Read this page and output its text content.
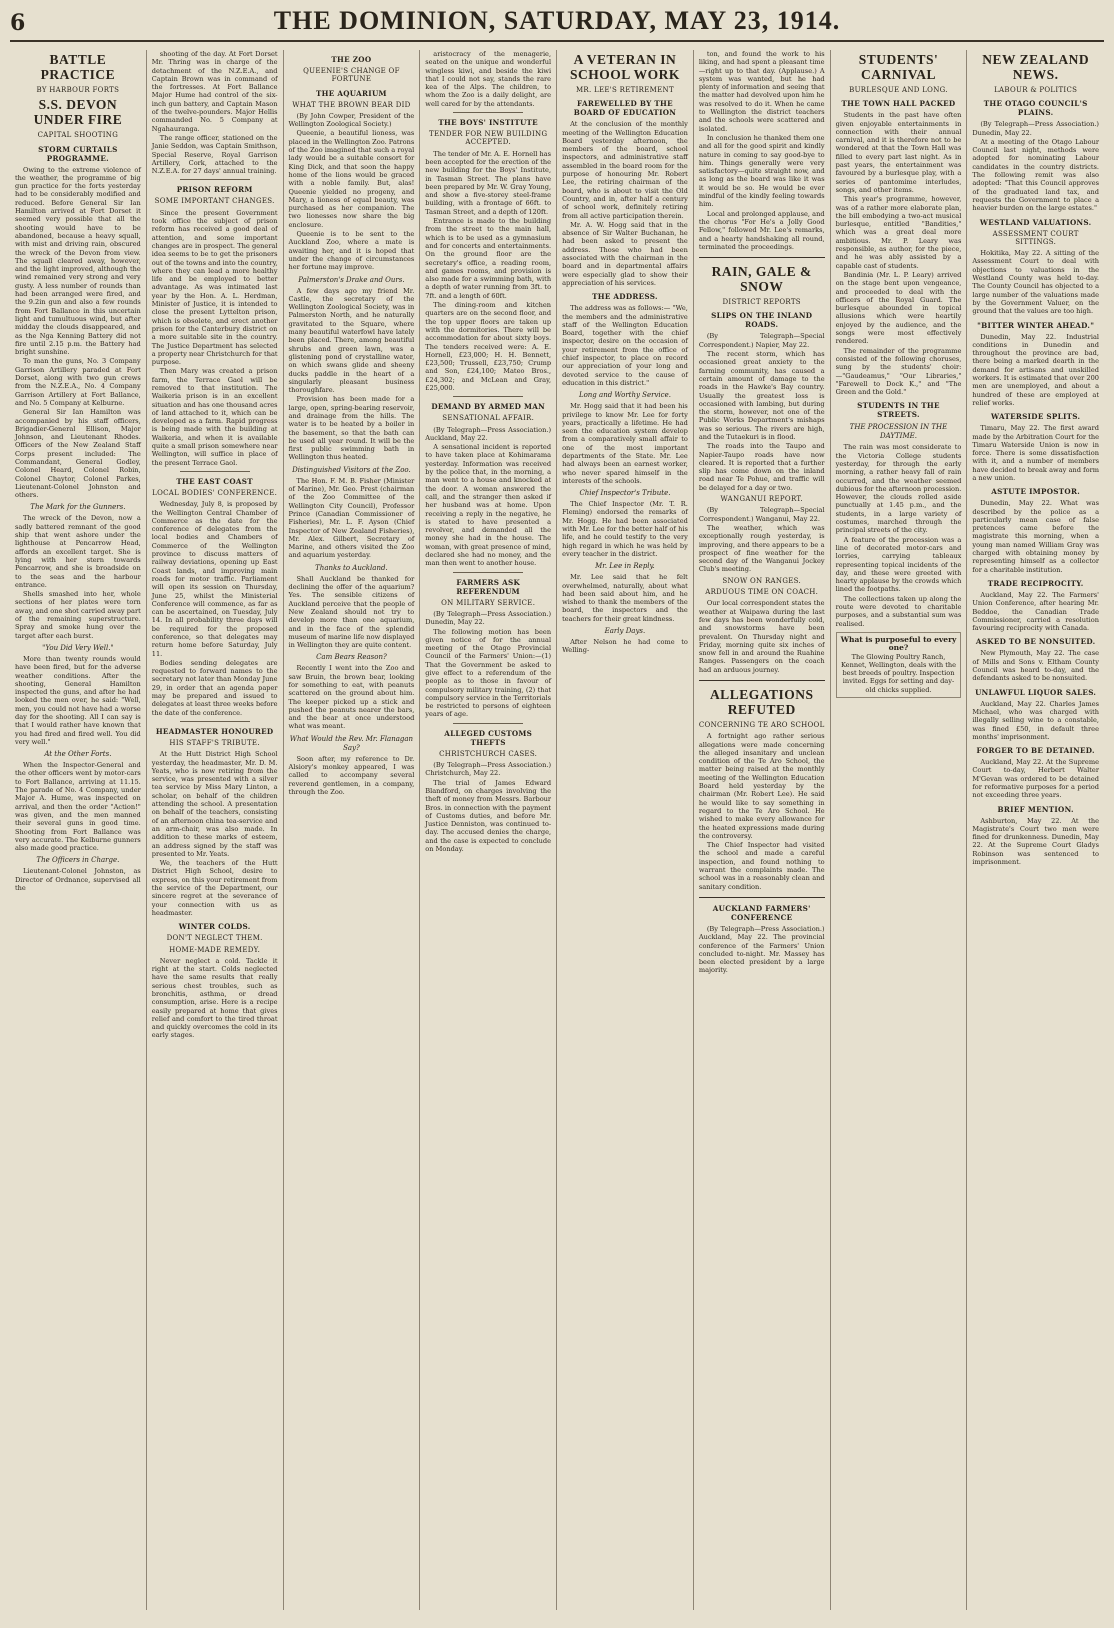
6	THE DOMINION, SATURDAY, MAY 23, 1914.
BATTLE PRACTICE
BY HARBOUR FORTS
S.S. DEVON UNDER FIRE
CAPITAL SHOOTING
STORM CURTAILS PROGRAMME.

Owing to the extreme violence of the weather, the programme of big gun practice for the forts yesterday had to be considerably modified and reduced. Before General Sir Ian Hamilton arrived at Fort Dorset it seemed very possible that all the shooting would have to be abandoned, because a heavy squall, with mist and driving rain, obscured the wreck of the Devon from view. The squall cleared away, however, and the light improved, although the wind remained very strong and very gusty. A less number of rounds than had been arranged were fired, and the 9.2in gun and also a few rounds from Fort Ballance in this uncertain light and tumultuous wind, but after midday the clouds disappeared, and as the Nga Kenning Battery did not fire until 2.15 p.m. the Battery had bright sunshine.

To man the guns, No. 3 Company Garrison Artillery paraded at Fort Dorset, along with two gun crews from the N.Z.E.A., No. 4 Company Garrison Artillery at Fort Ballance, and No. 5 Company at Kelburne.

General Sir Ian Hamilton was accompanied by his staff officers, Brigadier-General Ellison, Major Johnson, and Lieutenant Rhodes. Officers of the New Zealand Staff Corps present included: The Commandant, General Godley, Colonel Heard, Colonel Robin, Colonel Chaytor, Colonel Parkes, Lieutenant-Colonel Johnston and others.

The Mark for the Gunners.

The wreck of the Devon, now a sadly battered remnant of the good ship that went ashore under the lighthouse at Pencarrow Head, affords an excellent target. She is lying with her stern towards Pencarrow, and she is broadside on to the seas and the harbour entrance.

Shells smashed into her, whole sections of her plates were torn away, and one shot carried away part of the remaining superstructure. Spray and smoke hung over the target after each burst.

"You Did Very Well."

More than twenty rounds would have been fired, but for the adverse weather conditions. After the shooting, General Hamilton inspected the guns, and after he had looked the men over, he said: "Well, men, you could not have had a worse day for the shooting. All I can say is that I would rather have known that you had fired and fired well. You did very well."

At the Other Forts.

When the Inspector-General and the other officers went by motor-cars to Fort Ballance, arriving at 11.15. The parade of No. 4 Company, under Major A. Hume, was inspected on arrival, and then the order "Action!" was given, and the men manned their several guns in good time. Shooting from Fort Ballance was very accurate. The Kelburne gunners also made good practice.

The Officers in Charge.

Lieutenant-Colonel Johnston, as Director of Ordnance, supervised all the

shooting of the day. At Fort Dorset Mr. Thring was in charge of the detachment of the N.Z.E.A., and Captain Brown was in command of the fortresses. At Fort Ballance Major Hume had control of the six-inch gun battery, and Captain Mason of the twelve-pounders. Major Hellis commanded No. 5 Company at Ngahauranga.

The range officer, stationed on the Janie Seddon, was Captain Smithson, Special Reserve, Royal Garrison Artillery, Cork, attached to the N.Z.E.A. for 27 days' annual training.

PRISON REFORM
SOME IMPORTANT CHANGES.

Since the present Government took office the subject of prison reform has received a good deal of attention, and some important changes are in prospect. The general idea seems to be to get the prisoners out of the towns and into the country, where they can lead a more healthy life and be employed to better advantage. As was intimated last year by the Hon. A. L. Herdman, Minister of Justice, it is intended to close the present Lyttelton prison, which is obsolete, and erect another prison for the Canterbury district on a more suitable site in the country. The Justice Department has selected a property near Christchurch for that purpose.

Then Mary was created a prison farm, the Terrace Gaol will be removed to that institution. The Waikeria prison is in an excellent situation and has one thousand acres of land attached to it, which can be developed as a farm. Rapid progress is being made with the building at Waikeria, and when it is available quite a small prison somewhere near Wellington, will suffice in place of the present Terrace Gaol.

THE EAST COAST
LOCAL BODIES' CONFERENCE.

Wednesday, July 8, is proposed by the Wellington Central Chamber of Commerce as the date for the conference of delegates from the local bodies and Chambers of Commerce of the Wellington province to discuss matters of railway deviations, opening up East Coast lands, and improving main roads for motor traffic. Parliament will open its session on Thursday, June 25, whilst the Ministerial Conference will commence, as far as can be ascertained, on Tuesday, July 14. In all probability three days will be required for the proposed conference, so that delegates may return home before Saturday, July 11.

Bodies sending delegates are requested to forward names to the secretary not later than Monday June 29, in order that an agenda paper may be prepared and issued to delegates at least three weeks before the date of the conference.

HEADMASTER HONOURED
HIS STAFF'S TRIBUTE.

At the Hutt District High School yesterday, the headmaster, Mr. D. M. Yeats, who is now retiring from the service, was presented with a silver tea service by Miss Mary Linton, a scholar, on behalf of the children attending the school. A presentation on behalf of the teachers, consisting of an afternoon china tea-service and an arm-chair, was also made. In addition to these marks of esteem, an address signed by the staff was presented to Mr. Yeats.

We, the teachers of the Hutt District High School, desire to express, on this your retirement from the service of the Department, our sincere regret at the severance of your connection with us as headmaster.

WINTER COLDS.
DON'T NEGLECT THEM.
HOME-MADE REMEDY.

Never neglect a cold. Tackle it right at the start. Colds neglected have the same results that really serious chest troubles, such as bronchitis, asthma, or dread consumption, arise. Here is a recipe easily prepared at home that gives relief and comfort to the tired throat and quickly overcomes the cold in its early stages.

THE ZOO
QUEENIE'S CHANGE OF FORTUNE
THE AQUARIUM
WHAT THE BROWN BEAR DID

(By John Cowper, President of the Wellington Zoological Society.)

Queenie, a beautiful lioness, was placed in the Wellington Zoo. Patrons of the Zoo imagined that such a royal lady would be a suitable consort for King Dick, and that soon the happy home of the lions would be graced with a noble family. But, alas! Queenie yielded no progeny, and Mary, a lioness of equal beauty, was purchased as her companion. The two lionesses now share the big enclosure.

Queenie is to be sent to the Auckland Zoo, where a mate is awaiting her, and it is hoped that under the change of circumstances her fortune may improve.

Palmerston's Drake and Ours.

A few days ago my friend Mr. Castle, the secretary of the Wellington Zoological Society, was in Palmerston North, and he naturally gravitated to the Square, where many beautiful waterfowl have lately been placed. There, among beautiful shrubs and green lawn, was a glistening pond of crystalline water, on which swans glide and sheeny ducks paddle in the heart of a singularly pleasant business thoroughfare.

Provision has been made for a large, open, spring-bearing reservoir, and drainage from the hills. The water is to be heated by a boiler in the basement, so that the bath can be used all year round. It will be the first public swimming bath in Wellington thus heated.

Distinguished Visitors at the Zoo.

The Hon. F. M. B. Fisher (Minister of Marine), Mr. Geo. Prest (chairman of the Zoo Committee of the Wellington City Council), Professor Prince (Canadian Commissioner of Fisheries), Mr. L. F. Ayson (Chief Inspector of New Zealand Fisheries), Mr. Alex. Gilbert, Secretary of Marine, and others visited the Zoo and aquarium yesterday.

Thanks to Auckland.

Shall Auckland be thanked for declining the offer of the aquarium? Yes. The sensible citizens of Auckland perceive that the people of New Zealand should not try to develop more than one aquarium, and in the face of the splendid museum of marine life now displayed in Wellington they are quite content.

Cam Bears Reason?

Recently I went into the Zoo and saw Bruin, the brown bear, looking for something to eat, with peanuts scattered on the ground about him. The keeper picked up a stick and pushed the peanuts nearer the bars, and the bear at once understood what was meant.

What Would the Rev. Mr. Flanagan Say?

Soon after, my reference to Dr. Alsiory's monkey appeared, I was called to accompany several reverend gentlemen, in a company, through the Zoo.

aristocracy of the menagerie, seated on the unique and wonderful wingless kiwi, and beside the kiwi that I could not say, stands the rare kea of the Alps. The children, to whom the Zoo is a daily delight, are well cared for by the attendants.

THE BOYS' INSTITUTE
TENDER FOR NEW BUILDING ACCEPTED.

The tender of Mr. A. E. Hornell has been accepted for the erection of the new building for the Boys' Institute, in Tasman Street. The plans have been prepared by Mr. W. Gray Young, and show a five-storey steel-frame building, with a frontage of 66ft. to Tasman Street, and a depth of 120ft.

Entrance is made to the building from the street to the main hall, which is to be used as a gymnasium and for concerts and entertainments. On the ground floor are the secretary's office, a reading room, and games rooms, and provision is also made for a swimming bath, with a depth of water running from 3ft. to 7ft. and a length of 60ft.

The dining-room and kitchen quarters are on the second floor, and the top upper floors are taken up with the dormitories. There will be accommodation for about sixty boys. The tenders received were: A. E. Hornell, £23,000; H. H. Bennett, £23,500; Trussell, £23,750; Crump and Son, £24,100; Mateo Bros., £24,302; and McLean and Gray, £25,000.

DEMAND BY ARMED MAN
SENSATIONAL AFFAIR.

(By Telegraph—Press Association.) Auckland, May 22.

A sensational incident is reported to have taken place at Kohimarama yesterday. Information was received by the police that, in the morning, a man went to a house and knocked at the door. A woman answered the call, and the stranger then asked if her husband was at home. Upon receiving a reply in the negative, he is stated to have presented a revolver, and demanded all the money she had in the house. The woman, with great presence of mind, declared she had no money, and the man then went to another house.

FARMERS ASK REFERENDUM
ON MILITARY SERVICE.

(By Telegraph—Press Association.) Dunedin, May 22.

The following motion has been given notice of for the annual meeting of the Otago Provincial Council of the Farmers' Union:—(1) That the Government be asked to give effect to a referendum of the people as to those in favour of compulsory military training, (2) that compulsory service in the Territorials be restricted to persons of eighteen years of age.

ALLEGED CUSTOMS THEFTS
CHRISTCHURCH CASES.

(By Telegraph—Press Association.) Christchurch, May 22.

The trial of James Edward Blandford, on charges involving the theft of money from Messrs. Barbour Bros. in connection with the payment of Customs duties, and before Mr. Justice Denniston, was continued to-day. The accused denies the charge, and the case is expected to conclude on Monday.

A VETERAN IN SCHOOL WORK
MR. LEE'S RETIREMENT
FAREWELLED BY THE BOARD OF EDUCATION

At the conclusion of the monthly meeting of the Wellington Education Board yesterday afternoon, the members of the board, school inspectors, and administrative staff assembled in the board room for the purpose of honouring Mr. Robert Lee, the retiring chairman of the board, who is about to visit the Old Country, and in, after half a century of school work, definitely retiring from all active participation therein.

Mr. A. W. Hogg said that in the absence of Sir Walter Buchanan, he had been asked to present the address. Those who had been associated with the chairman in the board and in departmental affairs were especially glad to show their appreciation of his services.

THE ADDRESS.

The address was as follows:— "We, the members and the administrative staff of the Wellington Education Board, together with the chief inspector, desire on the occasion of your retirement from the office of chief inspector, to place on record our appreciation of your long and devoted service to the cause of education in this district."

Long and Worthy Service.

Mr. Hogg said that it had been his privilege to know Mr. Lee for forty years, practically a lifetime. He had seen the education system develop from a comparatively small affair to one of the most important departments of the State. Mr. Lee had always been an earnest worker, who never spared himself in the interests of the schools.

Chief Inspector's Tribute.

The Chief Inspector (Mr. T. R. Fleming) endorsed the remarks of Mr. Hogg. He had been associated with Mr. Lee for the better half of his life, and he could testify to the very high regard in which he was held by every teacher in the district.

Mr. Lee in Reply.

Mr. Lee said that he felt overwhelmed, naturally, about what had been said about him, and he wished to thank the members of the board, the inspectors and the teachers for their great kindness.

Early Days.

After Nelson he had come to Welling-

ton, and found the work to his liking, and had spent a pleasant time—right up to that day. (Applause.) A system was wanted, but he had plenty of information and seeing that the matter had devolved upon him he was resolved to do it. When he came to Wellington the district teachers and the schools were scattered and isolated.

In conclusion he thanked them one and all for the good spirit and kindly nature in coming to say good-bye to him. Things generally were very satisfactory—quite straight now, and as long as the board was like it was it would be so. He would be ever mindful of the kindly feeling towards him.

Local and prolonged applause, and the chorus "For He's a Jolly Good Fellow," followed Mr. Lee's remarks, and a hearty handshaking all round, terminated the proceedings.

RAIN, GALE & SNOW
DISTRICT REPORTS
SLIPS ON THE INLAND ROADS.

(By Telegraph—Special Correspondent.) Napier, May 22.

The recent storm, which has occasioned great anxiety to the farming community, has caused a certain amount of damage to the roads in the Hawke's Bay country. Usually the greatest loss is occasioned with lambing, but during the storm, however, not one of the Public Works Department's mishaps was so serious. The rivers are high, and the Tutaekuri is in flood.

The roads into the Taupo and Napier-Taupo roads have now cleared. It is reported that a further slip has come down on the inland road near Te Pohue, and traffic will be delayed for a day or two.

WANGANUI REPORT.

(By Telegraph—Special Correspondent.) Wanganui, May 22.

The weather, which was exceptionally rough yesterday, is improving, and there appears to be a prospect of fine weather for the second day of the Wanganui Jockey Club's meeting.

SNOW ON RANGES.
ARDUOUS TIME ON COACH.

Our local correspondent states the weather at Waipawa during the last few days has been wonderfully cold, and snowstorms have been prevalent. On Thursday night and Friday, morning quite six inches of snow fell in and around the Ruahine Ranges. Passengers on the coach had an arduous journey.

ALLEGATIONS REFUTED
CONCERNING TE ARO SCHOOL

A fortnight ago rather serious allegations were made concerning the alleged insanitary and unclean condition of the Te Aro School, the matter being raised at the monthly meeting of the Wellington Education Board held yesterday by the chairman (Mr. Robert Lee). He said he would like to say something in regard to the Te Aro School. He wished to make every allowance for the heated expressions made during the controversy.

The Chief Inspector had visited the school and made a careful inspection, and found nothing to warrant the complaints made. The school was in a reasonably clean and sanitary condition.

AUCKLAND FARMERS' CONFERENCE

(By Telegraph—Press Association.) Auckland, May 22. The provincial conference of the Farmers' Union concluded to-night. Mr. Massey has been elected president by a large majority.

STUDENTS' CARNIVAL
BURLESQUE AND LONG.
THE TOWN HALL PACKED

Students in the past have often given enjoyable entertainments in connection with their annual carnival, and it is therefore not to be wondered at that the Town Hall was filled to every part last night. As in past years, the entertainment was favoured by a burlesque play, with a series of pantomime interludes, songs, and other items.

This year's programme, however, was of a rather more elaborate plan, the bill embodying a two-act musical burlesque, entitled "Bandities," which was a great deal more ambitious. Mr. P. Leary was responsible, as author, for the piece, and he was ably assisted by a capable cast of students.

Bandinia (Mr. L. P. Leary) arrived on the stage bent upon vengeance, and proceeded to deal with the officers of the Royal Guard. The burlesque abounded in topical allusions which were heartily enjoyed by the audience, and the songs were most effectively rendered.

The remainder of the programme consisted of the following choruses, sung by the students' choir:—"Gaudeamus," "Our Libraries," "Farewell to Dock K.," and "The Green and the Gold."

STUDENTS IN THE STREETS.
THE PROCESSION IN THE DAYTIME.

The rain was most considerate to the Victoria College students yesterday, for through the early morning, a rather heavy fall of rain occurred, and the weather seemed dubious for the afternoon procession. However, the clouds rolled aside punctually at 1.45 p.m., and the students, in a large variety of costumes, marched through the principal streets of the city.

A feature of the procession was a line of decorated motor-cars and lorries, carrying tableaux representing topical incidents of the day, and these were greeted with hearty applause by the crowds which lined the footpaths.

The collections taken up along the route were devoted to charitable purposes, and a substantial sum was realised.

What is purposeful to every one?
The Glowing Poultry Ranch, Kennet, Wellington, deals with the best breeds of poultry. Inspection invited. Eggs for setting and day-old chicks supplied.
NEW ZEALAND NEWS.
LABOUR & POLITICS
THE OTAGO COUNCIL'S PLAINS.

(By Telegraph—Press Association.) Dunedin, May 22.

At a meeting of the Otago Labour Council last night, methods were adopted for nominating Labour candidates in the country districts. The following remit was also adopted: "That this Council approves of the graduated land tax, and requests the Government to place a heavier burden on the large estates."

WESTLAND VALUATIONS.
ASSESSMENT COURT SITTINGS.

Hokitika, May 22. A sitting of the Assessment Court to deal with objections to valuations in the Westland County was held to-day. The County Council has objected to a large number of the valuations made by the Government Valuer, on the ground that the values are too high.

"BITTER WINTER AHEAD."

Dunedin, May 22. Industrial conditions in Dunedin and throughout the province are bad, there being a marked dearth in the demand for artisans and unskilled workers. It is estimated that over 200 men are unemployed, and about a hundred of these are employed at relief works.

WATERSIDE SPLITS.

Timaru, May 22. The first award made by the Arbitration Court for the Timaru Waterside Union is now in force. There is some dissatisfaction with it, and a number of members have decided to break away and form a new union.

ASTUTE IMPOSTOR.

Dunedin, May 22. What was described by the police as a particularly mean case of false pretences came before the magistrate this morning, when a young man named William Gray was charged with obtaining money by representing himself as a collector for a charitable institution.

TRADE RECIPROCITY.

Auckland, May 22. The Farmers' Union Conference, after hearing Mr. Beddoe, the Canadian Trade Commissioner, carried a resolution favouring reciprocity with Canada.

ASKED TO BE NONSUITED.

New Plymouth, May 22. The case of Mills and Sons v. Eltham County Council was heard to-day, and the defendants asked to be nonsuited.

UNLAWFUL LIQUOR SALES.

Auckland, May 22. Charles James Michael, who was charged with illegally selling wine to a constable, was fined £50, in default three months' imprisonment.

FORGER TO BE DETAINED.

Auckland, May 22. At the Supreme Court to-day, Herbert Walter M'Gevan was ordered to be detained for reformative purposes for a period not exceeding three years.

BRIEF MENTION.

Ashburton, May 22. At the Magistrate's Court two men were fined for drunkenness. Dunedin, May 22. At the Supreme Court Gladys Robinson was sentenced to imprisonment.
